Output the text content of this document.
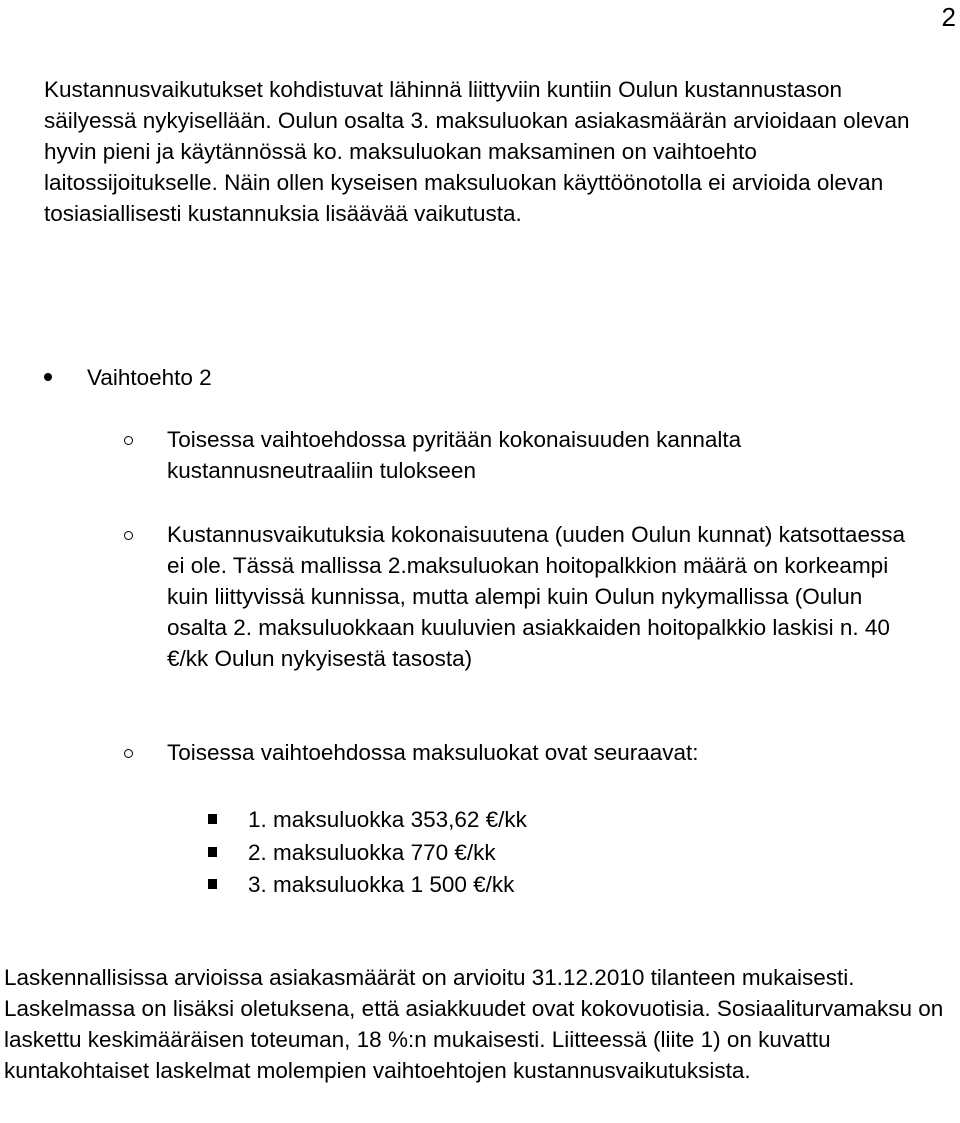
2

Kustannusvaikutukset kohdistuvat lähinnä liittyviin kuntiin Oulun kustannustason säilyessä nykyisellään. Oulun osalta 3. maksuluokan asiakasmäärän arvioidaan olevan hyvin pieni ja käytännössä ko. maksuluokan maksaminen on vaihtoehto laitossijoitukselle. Näin ollen kyseisen maksuluokan käyttöönotolla ei arvioida olevan tosiasiallisesti kustannuksia lisäävää vaikutusta.

Vaihtoehto 2
Toisessa vaihtoehdossa pyritään kokonaisuuden kannalta kustannusneutraaliin tulokseen
Kustannusvaikutuksia kokonaisuutena (uuden Oulun kunnat) katsottaessa ei ole. Tässä mallissa 2.maksuluokan hoitopalkkion määrä on korkeampi kuin liittyvissä kunnissa, mutta alempi kuin Oulun nykymallissa (Oulun osalta 2. maksuluokkaan kuuluvien asiakkaiden hoitopalkkio laskisi n. 40 €/kk Oulun nykyisestä tasosta)
Toisessa vaihtoehdossa maksuluokat ovat seuraavat:
1. maksuluokka 353,62 €/kk
2. maksuluokka 770 €/kk
3. maksuluokka 1 500 €/kk

Laskennallisissa arvioissa asiakasmäärät on arvioitu 31.12.2010 tilanteen mukaisesti. Laskelmassa on lisäksi oletuksena, että asiakkuudet ovat kokovuotisia. Sosiaaliturvamaksu on laskettu keskimääräisen toteuman, 18 %:n mukaisesti. Liitteessä (liite 1) on kuvattu kuntakohtaiset laskelmat molempien vaihtoehtojen kustannusvaikutuksista.
